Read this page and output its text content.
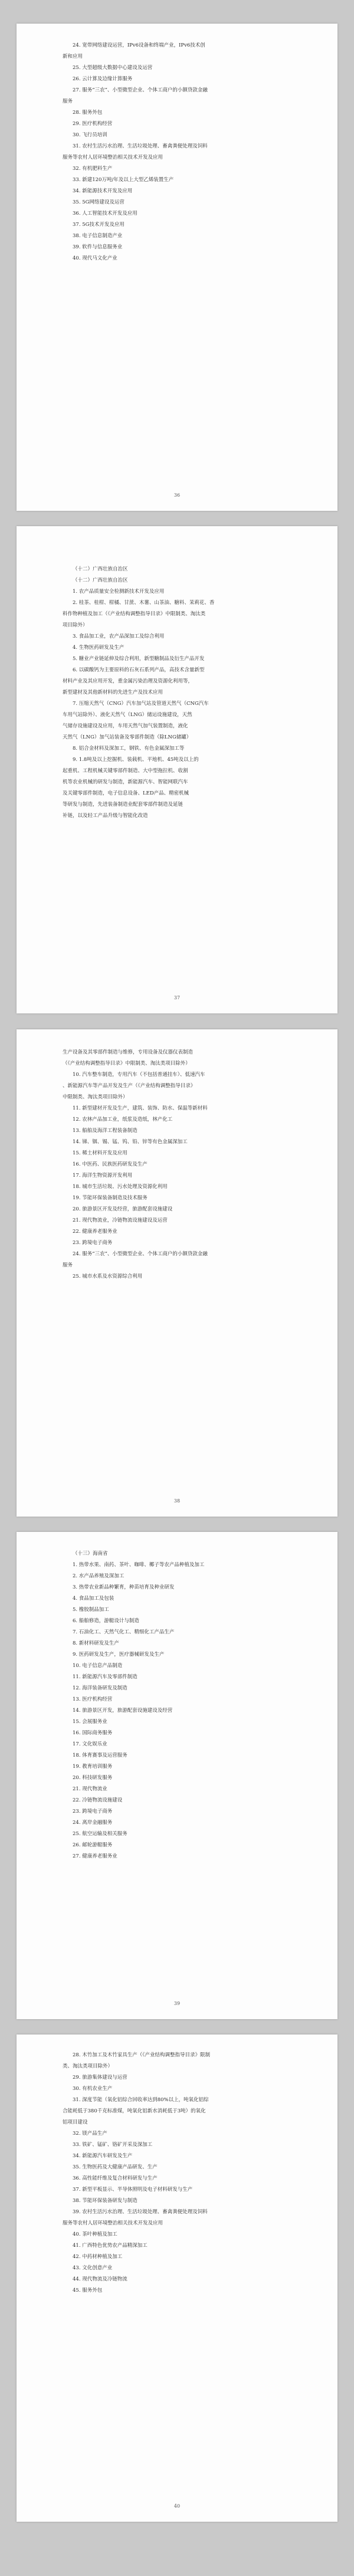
24. 宽带网络建设运营，IPv6设备和终端产业，IPv6技术创
新和应用
25. 大型超级大数据中心建设及运营
26. 云计算及边缘计算服务
27. 服务“三农”、小型微型企业、个体工商户的小额贷款金融
服务
28. 服务外包
29. 医疗机构经营
30. 飞行员培训
31. 农村生活污水治理、生活垃圾处理、畜禽粪便处理及饲料
服务等农村人居环境整治相关技术开发及应用
32. 有机肥料生产
33. 新建120万吨/年及以上大型乙烯装置生产
34. 新能源技术开发及应用
35. 5G网络建设及运营
36. 人工智能技术开发及应用
37. 5G技术开发及应用
38. 电子信息制造产业
39. 软件与信息服务业
40. 现代马文化产业
36
（十二）广西壮族自治区
（十二）广西壮族自治区
1. 农产品质量安全检测新技术开发及应用
2. 桂茶、桂柑、柑橘、甘蔗、木薯、山茶油、糖料、茉莉花、香
料作物种植及加工（《产业结构调整指导目录》中限制类、淘汰类
项目除外）
3. 食品加工业，农产品深加工及综合利用
4. 生物医药研发及生产
5. 糖业产业链延伸及综合利用，新型糖制品及衍生产品开发
6. 以碳酸钙为主要原料的石灰石系列产品，高技术含量新型
材料产业及其应用开发，重金属污染治理及资源化利用等，
新型建材及其他新材料的先进生产及技术应用
7. 压缩天然气（CNG）汽车加气站及管道天然气（CNG汽车
车用气站除外）、液化天然气（LNG）储运设施建设，天然
气储存设施建设及应用，车用天然气加气装置制造，液化
天然气（LNG）加气站装备及零部件制造（除LNG储罐）
8. 铝合金材料及深加工，钢铁、有色金属深加工等
9. 1.8吨及以上挖掘机、装载机、平地机、45吨及以上的
起重机、工程机械关键零部件制造、大中型拖拉机、收割
机等农业机械的研发与制造，新能源汽车、智能网联汽车
及关键零部件制造，电子信息设备、LED产品、精密机械
等研发与制造，先进装备制造业配套零部件制造及延链
补链，以及轻工产品升级与智能化改造
37
生产设备及其零部件制造与维修，专用设备及仪器仪表制造
（《产业结构调整指导目录》中限制类、淘汰类项目除外）
10. 汽车整车制造，专用汽车（不包括普通挂车）、低速汽车
、新能源汽车等产品开发及生产（《产业结构调整指导目录》
中限制类、淘汰类项目除外）
11. 新型建材开发及生产，建筑、装饰、防水、保温等新材料
12. 农林产品加工业，纸浆及造纸，林产化工
13. 船舶及海洋工程装备制造
14. 锑、铟、锡、锰、钨、铅、锌等有色金属深加工
15. 稀土材料开发及应用
16. 中医药、民族医药研发及生产
17. 海洋生物资源开发利用
18. 城市生活垃圾、污水处理及资源化利用
19. 节能环保装备制造及技术服务
20. 旅游景区开发及经营，旅游配套设施建设
21. 现代物流业，冷链物流设施建设及运营
22. 健康养老服务业
23. 跨境电子商务
24. 服务“三农”、小型微型企业、个体工商户的小额贷款金融
服务
25. 城市水系及水资源综合利用
38
（十三）海南省
1. 热带水果、南药、茶叶、咖啡、椰子等农产品种植及加工
2. 水产品养殖及深加工
3. 热带农业新品种繁育，种苗培育及种业研发
4. 食品加工及包装
5. 橡胶制品加工
6. 船舶修造，游艇设计与制造
7. 石油化工、天然气化工、精细化工产品生产
8. 新材料研发及生产
9. 医药研发及生产，医疗器械研发及生产
10. 电子信息产品制造
11. 新能源汽车及零部件制造
12. 海洋装备研发及制造
13. 医疗机构经营
14. 旅游景区开发，旅游配套设施建设及经营
15. 会展服务业
16. 国际商务服务
17. 文化娱乐业
18. 体育赛事及运营服务
19. 教育培训服务
20. 科技研发服务
21. 现代物流业
22. 冷链物流设施建设
23. 跨境电子商务
24. 离岸金融服务
25. 航空运输及相关服务
26. 邮轮游艇服务
27. 健康养老服务业
39
28. 木竹加工及木竹家具生产（《产业结构调整指导目录》限制
类、淘汰类项目除外）
29. 旅游集体建设与运营
30. 有机农业生产
31. 深度节能（氧化铝综合回收率达到80%以上，吨氧化铝综
合能耗低于380千克标准煤，吨氧化铝新水消耗低于3吨）的氧化
铝项目建设
32. 镁产品生产
33. 铁矿、锰矿、铬矿开采及深加工
34. 新能源汽车研发及生产
35. 生物医药及大健康产品研发、生产
36. 高性能纤维及复合材料研发与生产
37. 新型平板显示、半导体照明及电子材料研发与生产
38. 节能环保装备研发与制造
39. 农村生活污水治理、生活垃圾处理、畜禽粪便处理及饲料
服务等农村人居环境整治相关技术开发及应用
40. 茶叶种植及加工
41. 广西特色优势农产品精深加工
42. 中药材种植及加工
43. 文化创意产业
44. 现代物流及冷链物流
45. 服务外包
40
